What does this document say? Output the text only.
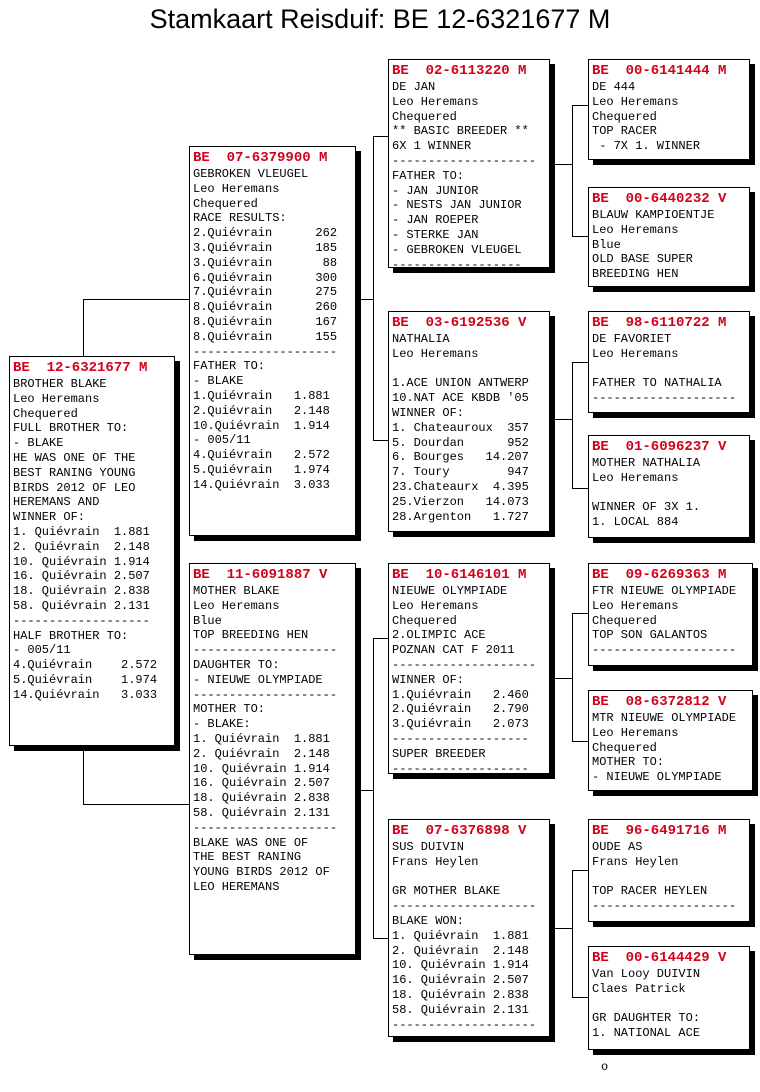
Stamkaart Reisduif: BE 12-6321677 M
BE  12-6321677 M
BROTHER BLAKE
Leo Heremans
Chequered
FULL BROTHER TO:
- BLAKE
HE WAS ONE OF THE
BEST RANING YOUNG
BIRDS 2012 OF LEO
HEREMANS AND
WINNER OF:
1. Quiévrain  1.881
2. Quiévrain  2.148
10. Quiévrain 1.914
16. Quiévrain 2.507
18. Quiévrain 2.838
58. Quiévrain 2.131
-------------------
HALF BROTHER TO:
- 005/11
4.Quiévrain    2.572
5.Quiévrain    1.974
14.Quiévrain   3.033
BE  07-6379900 M
GEBROKEN VLEUGEL
Leo Heremans
Chequered
RACE RESULTS:
2.Quiévrain      262
3.Quiévrain      185
3.Quiévrain       88
6.Quiévrain      300
7.Quiévrain      275
8.Quiévrain      260
8.Quiévrain      167
8.Quiévrain      155
--------------------
FATHER TO:
- BLAKE
1.Quiévrain   1.881
2.Quiévrain   2.148
10.Quiévrain  1.914
- 005/11
4.Quiévrain   2.572
5.Quiévrain   1.974
14.Quiévrain  3.033
BE  11-6091887 V
MOTHER BLAKE
Leo Heremans
Blue
TOP BREEDING HEN
--------------------
DAUGHTER TO:
- NIEUWE OLYMPIADE
--------------------
MOTHER TO:
- BLAKE:
1. Quiévrain  1.881
2. Quiévrain  2.148
10. Quiévrain 1.914
16. Quiévrain 2.507
18. Quiévrain 2.838
58. Quiévrain 2.131
--------------------
BLAKE WAS ONE OF
THE BEST RANING
YOUNG BIRDS 2012 OF
LEO HEREMANS
BE  02-6113220 M
DE JAN
Leo Heremans
Chequered
** BASIC BREEDER **
6X 1 WINNER
--------------------
FATHER TO:
- JAN JUNIOR
- NESTS JAN JUNIOR
- JAN ROEPER
- STERKE JAN
- GEBROKEN VLEUGEL
------------------
BE  03-6192536 V
NATHALIA
Leo Heremans
1.ACE UNION ANTWERP
10.NAT ACE KBDB '05
WINNER OF:
1. Chateauroux  357
5. Dourdan      952
6. Bourges   14.207
7. Toury        947
23.Chateaurx  4.395
25.Vierzon   14.073
28.Argenton   1.727
BE  10-6146101 M
NIEUWE OLYMPIADE
Leo Heremans
Chequered
2.OLIMPIC ACE
POZNAN CAT F 2011
--------------------
WINNER OF:
1.Quiévrain   2.460
2.Quiévrain   2.790
3.Quiévrain   2.073
-------------------
SUPER BREEDER
-------------------
BE  07-6376898 V
SUS DUIVIN
Frans Heylen
GR MOTHER BLAKE
--------------------
BLAKE WON:
1. Quiévrain  1.881
2. Quiévrain  2.148
10. Quiévrain 1.914
16. Quiévrain 2.507
18. Quiévrain 2.838
58. Quiévrain 2.131
--------------------
BE  00-6141444 M
DE 444
Leo Heremans
Chequered
TOP RACER
- 7X 1. WINNER
BE  00-6440232 V
BLAUW KAMPIOENTJE
Leo Heremans
Blue
OLD BASE SUPER
BREEDING HEN
BE  98-6110722 M
DE FAVORIET
Leo Heremans
FATHER TO NATHALIA
--------------------
BE  01-6096237 V
MOTHER NATHALIA
Leo Heremans
WINNER OF 3X 1.
1. LOCAL 884
BE  09-6269363 M
FTR NIEUWE OLYMPIADE
Leo Heremans
Chequered
TOP SON GALANTOS
--------------------
BE  08-6372812 V
MTR NIEUWE OLYMPIADE
Leo Heremans
Chequered
MOTHER TO:
- NIEUWE OLYMPIADE
BE  96-6491716 M
OUDE AS
Frans Heylen
TOP RACER HEYLEN
--------------------
BE  00-6144429 V
Van Looy DUIVIN
Claes Patrick
GR DAUGHTER TO:
1. NATIONAL ACE
o
